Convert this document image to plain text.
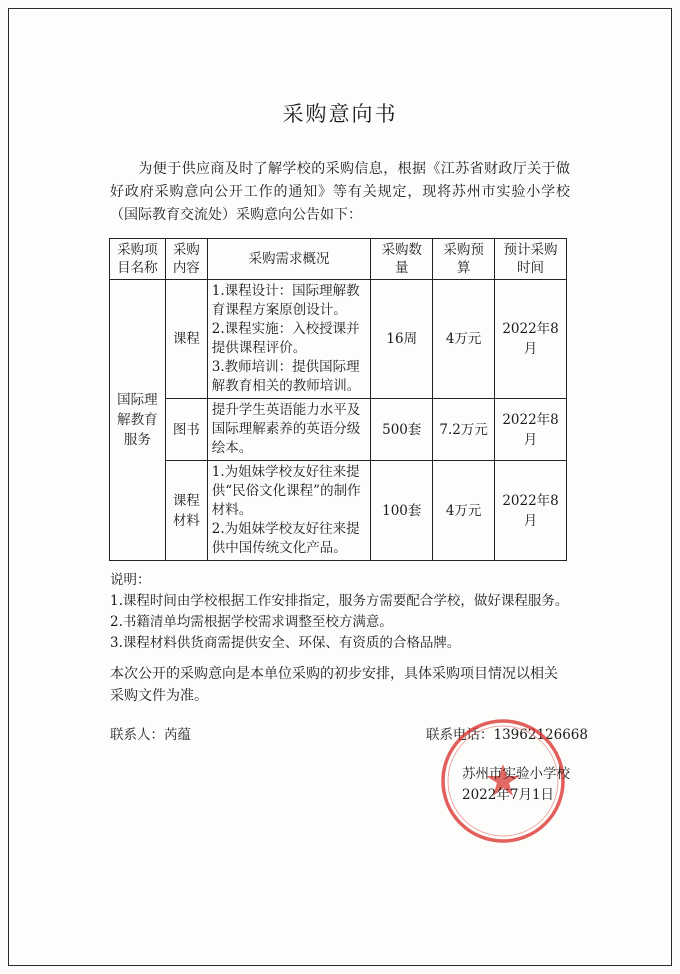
采购意向书
为便于供应商及时了解学校的采购信息，根据《江苏省财政厅关于做好政府采购意向公开工作的通知》等有关规定，现将苏州市实验小学校（国际教育交流处）采购意向公告如下：
采购项目名称	采购内容	采购需求概况	采购数量	采购预算	预计采购时间
国际理解教育服务	课程	1.课程设计：国际理解教育课程方案原创设计。
2.课程实施：入校授课并提供课程评价。
3.教师培训：提供国际理解教育相关的教师培训。	16周	4万元	2022年8月
	图书	提升学生英语能力水平及国际理解素养的英语分级绘本。	500套	7.2万元	2022年8月
	课程材料	1.为姐妹学校友好往来提供“民俗文化课程”的制作材料。
2.为姐妹学校友好往来提供中国传统文化产品。	100套	4万元	2022年8月
说明：
1.课程时间由学校根据工作安排指定，服务方需要配合学校，做好课程服务。
2.书籍清单均需根据学校需求调整至校方满意。
3.课程材料供货商需提供安全、环保、有资质的合格品牌。
本次公开的采购意向是本单位采购的初步安排，具体采购项目情况以相关采购文件为准。
联系人：芮蕴	联系电话：13962126668
苏州市实验小学校
2022年7月1日
